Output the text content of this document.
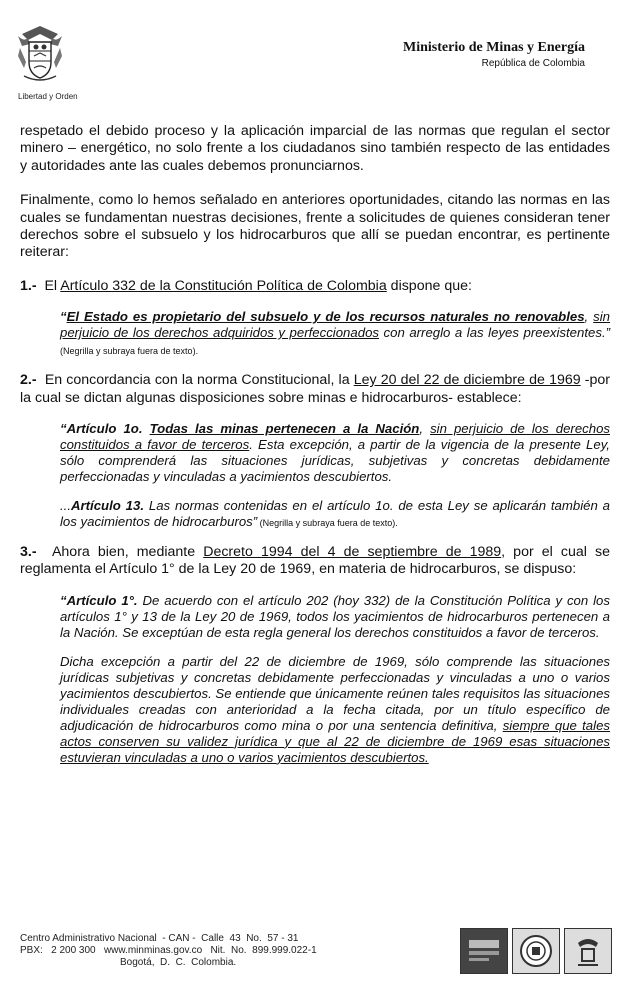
Libertad y Orden
Ministerio de Minas y Energía
República de Colombia

respetado el debido proceso y la aplicación imparcial de las normas que regulan el sector minero – energético, no solo frente a los ciudadanos sino también respecto de las entidades y autoridades ante las cuales debemos pronunciarnos.

Finalmente, como lo hemos señalado en anteriores oportunidades, citando las normas en las cuales se fundamentan nuestras decisiones, frente a solicitudes de quienes consideran tener derechos sobre el subsuelo y los hidrocarburos que allí se puedan encontrar, es pertinente reiterar:

1.- El Artículo 332 de la Constitución Política de Colombia dispone que:

“El Estado es propietario del subsuelo y de los recursos naturales no renovables, sin perjuicio de los derechos adquiridos y perfeccionados con arreglo a las leyes preexistentes.” (Negrilla y subraya fuera de texto).

2.- En concordancia con la norma Constitucional, la Ley 20 del 22 de diciembre de 1969 -por la cual se dictan algunas disposiciones sobre minas e hidrocarburos- establece:

“Artículo 1o. Todas las minas pertenecen a la Nación, sin perjuicio de los derechos constituidos a favor de terceros. Esta excepción, a partir de la vigencia de la presente Ley, sólo comprenderá las situaciones jurídicas, subjetivas y concretas debidamente perfeccionadas y vinculadas a yacimientos descubiertos.

...Artículo 13. Las normas contenidas en el artículo 1o. de esta Ley se aplicarán también a los yacimientos de hidrocarburos” (Negrilla y subraya fuera de texto).

3.- Ahora bien, mediante Decreto 1994 del 4 de septiembre de 1989, por el cual se reglamenta el Artículo 1° de la Ley 20 de 1969, en materia de hidrocarburos, se dispuso:

“Artículo 1°. De acuerdo con el artículo 202 (hoy 332) de la Constitución Política y con los artículos 1° y 13 de la Ley 20 de 1969, todos los yacimientos de hidrocarburos pertenecen a la Nación. Se exceptúan de esta regla general los derechos constituidos a favor de terceros.

Dicha excepción a partir del 22 de diciembre de 1969, sólo comprende las situaciones jurídicas subjetivas y concretas debidamente perfeccionadas y vinculadas a uno o varios yacimientos descubiertos. Se entiende que únicamente reúnen tales requisitos las situaciones individuales creadas con anterioridad a la fecha citada, por un título específico de adjudicación de hidrocarburos como mina o por una sentencia definitiva, siempre que tales actos conserven su validez jurídica y que al 22 de diciembre de 1969 esas situaciones estuvieran vinculadas a uno o varios yacimientos descubiertos.

Centro Administrativo Nacional  - CAN -  Calle  43  No.  57 - 31
PBX:   2 200 300   www.minminas.gov.co   Nit.  No.  899.999.022-1
Bogotá,  D.  C.  Colombia.
